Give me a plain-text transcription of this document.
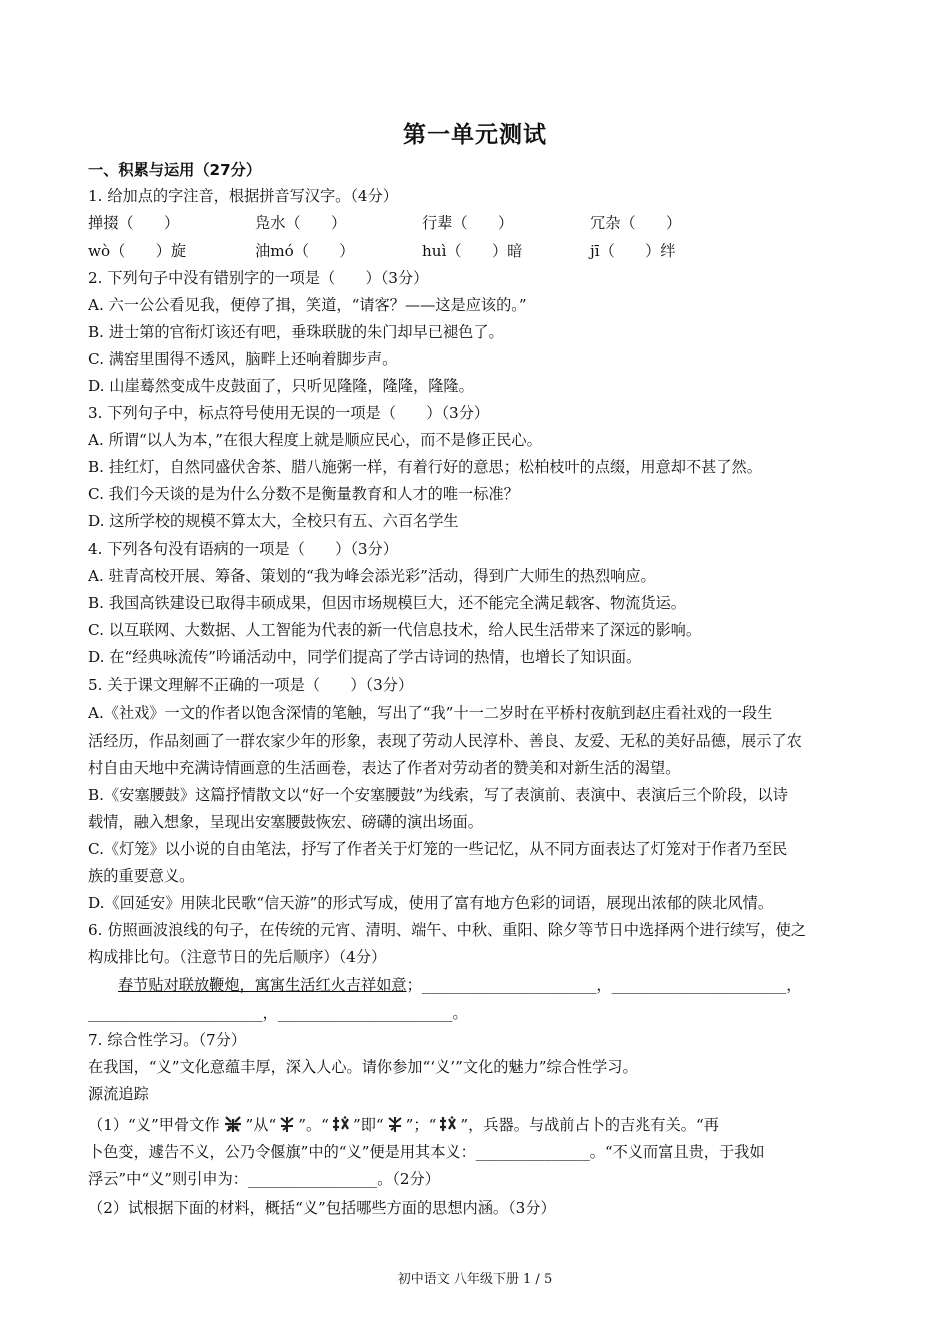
第一单元测试
一、积累与运用（27分）
1. 给加点的字注音，根据拼音写汉字。（4分）
掸掇（　　）	凫水（　　）	行辈（　　）	冗杂（　　）
wò（　　）旋	油mó（　　）	huì（　　）暗	jī（　　）绊
2. 下列句子中没有错别字的一项是（　　）（3分）
A. 六一公公看见我，便停了揖，笑道，“请客？——这是应该的。”
B. 进士第的官衔灯该还有吧，垂珠联胧的朱门却早已褪色了。
C. 满窑里围得不透风，脑畔上还响着脚步声。
D. 山崖蓦然变成牛皮鼓面了，只听见隆隆，隆隆，隆隆。
3. 下列句子中，标点符号使用无误的一项是（　　）（3分）
A. 所谓“以人为本，”在很大程度上就是顺应民心，而不是修正民心。
B. 挂红灯，自然同盛伏舍茶、腊八施粥一样，有着行好的意思；松柏枝叶的点缀，用意却不甚了然。
C. 我们今天谈的是为什么分数不是衡量教育和人才的唯一标准？
D. 这所学校的规模不算太大，全校只有五、六百名学生
4. 下列各句没有语病的一项是（　　）（3分）
A. 驻青高校开展、筹备、策划的“我为峰会添光彩”活动，得到广大师生的热烈响应。
B. 我国高铁建设已取得丰硕成果，但因市场规模巨大，还不能完全满足载客、物流货运。
C. 以互联网、大数据、人工智能为代表的新一代信息技术，给人民生活带来了深远的影响。
D. 在“经典咏流传”吟诵活动中，同学们提高了学古诗词的热情，也增长了知识面。
5. 关于课文理解不正确的一项是（　　）（3分）
A.《社戏》一文的作者以饱含深情的笔触，写出了“我”十一二岁时在平桥村夜航到赵庄看社戏的一段生
活经历，作品刻画了一群农家少年的形象，表现了劳动人民淳朴、善良、友爱、无私的美好品德，展示了农
村自由天地中充满诗情画意的生活画卷，表达了作者对劳动者的赞美和对新生活的渴望。
B.《安塞腰鼓》这篇抒情散文以“好一个安塞腰鼓”为线索，写了表演前、表演中、表演后三个阶段，以诗
载情，融入想象，呈现出安塞腰鼓恢宏、磅礴的演出场面。
C.《灯笼》以小说的自由笔法，抒写了作者关于灯笼的一些记忆，从不同方面表达了灯笼对于作者乃至民
族的重要意义。
D.《回延安》用陕北民歌“信天游”的形式写成，使用了富有地方色彩的词语，展现出浓郁的陕北风情。
6. 仿照画波浪线的句子，在传统的元宵、清明、端午、中秋、重阳、除夕等节日中选择两个进行续写，使之
构成排比句。（注意节日的先后顺序）（4分）
春节贴对联放鞭炮，寓寓生活红火吉祥如意；_______________________，_______________________，
_______________________，_______________________。
7. 综合性学习。（7分）
在我国，“义”文化意蕴丰厚，深入人心。请你参加“‘义’”文化的魅力”综合性学习。
源流追踪
（1）“义”甲骨文作 ”从“ ”。“ ”即“ ”；“ ”，兵器。与战前占卜的吉兆有关。“再
卜色变，遽告不义，公乃令偃旗”中的“义”便是用其本义：_______________。“不义而富且贵，于我如
浮云”中“义”则引申为：_________________。（2分）
（2）试根据下面的材料，概括“义”包括哪些方面的思想内涵。（3分）
初中语文 八年级下册 1 / 5
